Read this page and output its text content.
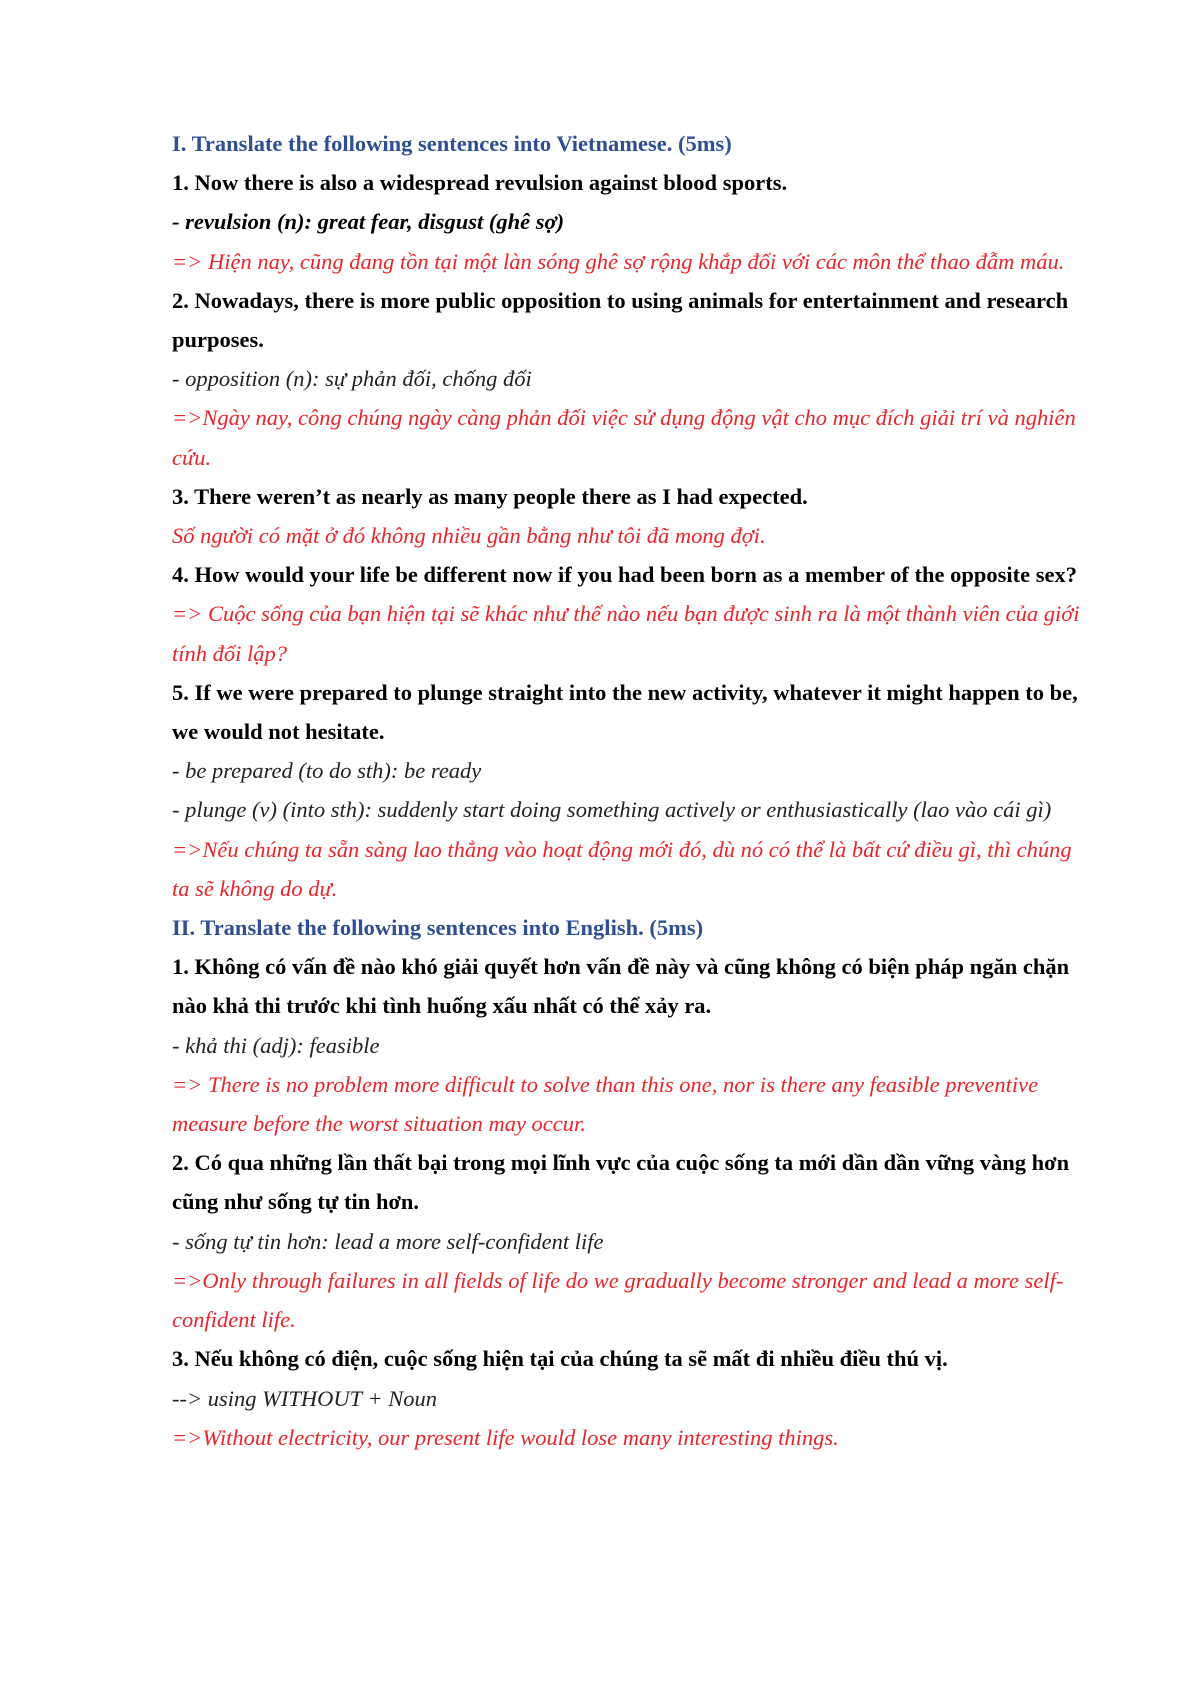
I. Translate the following sentences into Vietnamese. (5ms)

1. Now there is also a widespread revulsion against blood sports.

- revulsion (n): great fear, disgust (ghê sợ)

=> Hiện nay, cũng đang tồn tại một làn sóng ghê sợ rộng khắp đối với các môn thể thao đẫm máu.

2. Nowadays, there is more public opposition to using animals for entertainment and research purposes.

- opposition (n): sự phản đối, chống đối

=>Ngày nay, công chúng ngày càng phản đối việc sử dụng động vật cho mục đích giải trí và nghiên cứu.

3. There weren’t as nearly as many people there as I had expected.

Số người có mặt ở đó không nhiều gần bằng như tôi đã mong đợi.

4. How would your life be different now if you had been born as a member of the opposite sex?

=> Cuộc sống của bạn hiện tại sẽ khác như thế nào nếu bạn được sinh ra là một thành viên của giới tính đối lập?

5. If we were prepared to plunge straight into the new activity, whatever it might happen to be, we would not hesitate.

- be prepared (to do sth): be ready

- plunge (v) (into sth): suddenly start doing something actively or enthusiastically (lao vào cái gì)

=>Nếu chúng ta sẵn sàng lao thẳng vào hoạt động mới đó, dù nó có thể là bất cứ điều gì, thì chúng ta sẽ không do dự.

II. Translate the following sentences into English. (5ms)

1. Không có vấn đề nào khó giải quyết hơn vấn đề này và cũng không có biện pháp ngăn chặn nào khả thi trước khi tình huống xấu nhất có thể xảy ra.

- khả thi (adj): feasible

=> There is no problem more difficult to solve than this one, nor is there any feasible preventive measure before the worst situation may occur.

2. Có qua những lần thất bại trong mọi lĩnh vực của cuộc sống ta mới dần dần vững vàng hơn cũng như sống tự tin hơn.

- sống tự tin hơn: lead a more self-confident life

=>Only through failures in all fields of life do we gradually become stronger and lead a more self-confident life.

3. Nếu không có điện, cuộc sống hiện tại của chúng ta sẽ mất đi nhiều điều thú vị.

--> using WITHOUT + Noun

=>Without electricity, our present life would lose many interesting things.
